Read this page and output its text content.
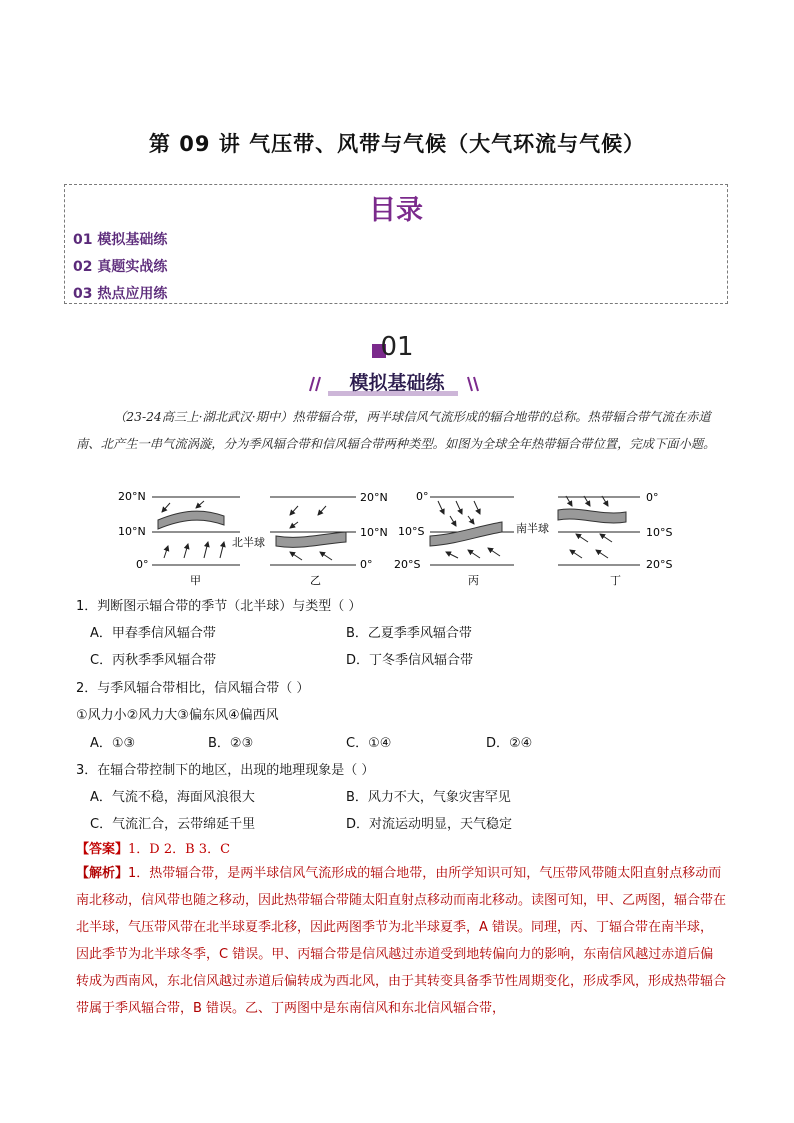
第 09 讲 气压带、风带与气候（大气环流与气候）
目录
01 模拟基础练
02 真题实战练
03 热点应用练
01
模拟基础练
（23-24高三上·湖北武汉·期中）热带辐合带，两半球信风气流形成的辐合地带的总称。热带辐合带气流在赤道南、北产生一串气流涡漩，分为季风辐合带和信风辐合带两种类型。如图为全球全年热带辐合带位置，完成下面小题。
20°N
10°N
0°
甲
北半球
20°N
10°N
0°
乙
0°
10°S
20°S
丙
南半球
0°
10°S
20°S
丁
1．判断图示辐合带的季节（北半球）与类型（ ）
A．甲春季信风辐合带	B．乙夏季季风辐合带
C．丙秋季季风辐合带	D．丁冬季信风辐合带
2．与季风辐合带相比，信风辐合带（ ）
①风力小②风力大③偏东风④偏西风
A．①③	B．②③	C．①④	D．②④
3．在辐合带控制下的地区，出现的地理现象是（ ）
A．气流不稳，海面风浪很大	B．风力不大，气象灾害罕见
C．气流汇合，云带绵延千里	D．对流运动明显，天气稳定
【答案】1．D 2．B 3．C
【解析】1．热带辐合带，是两半球信风气流形成的辐合地带，由所学知识可知，气压带风带随太阳直射点移动而南北移动，信风带也随之移动，因此热带辐合带随太阳直射点移动而南北移动。读图可知，甲、乙两图，辐合带在北半球，气压带风带在北半球夏季北移，因此两图季节为北半球夏季，A 错误。同理，丙、丁辐合带在南半球，因此季节为北半球冬季，C 错误。甲、丙辐合带是信风越过赤道受到地转偏向力的影响，东南信风越过赤道后偏转成为西南风，东北信风越过赤道后偏转成为西北风，由于其转变具备季节性周期变化，形成季风，形成热带辐合带属于季风辐合带，B 错误。乙、丁两图中是东南信风和东北信风辐合带，
